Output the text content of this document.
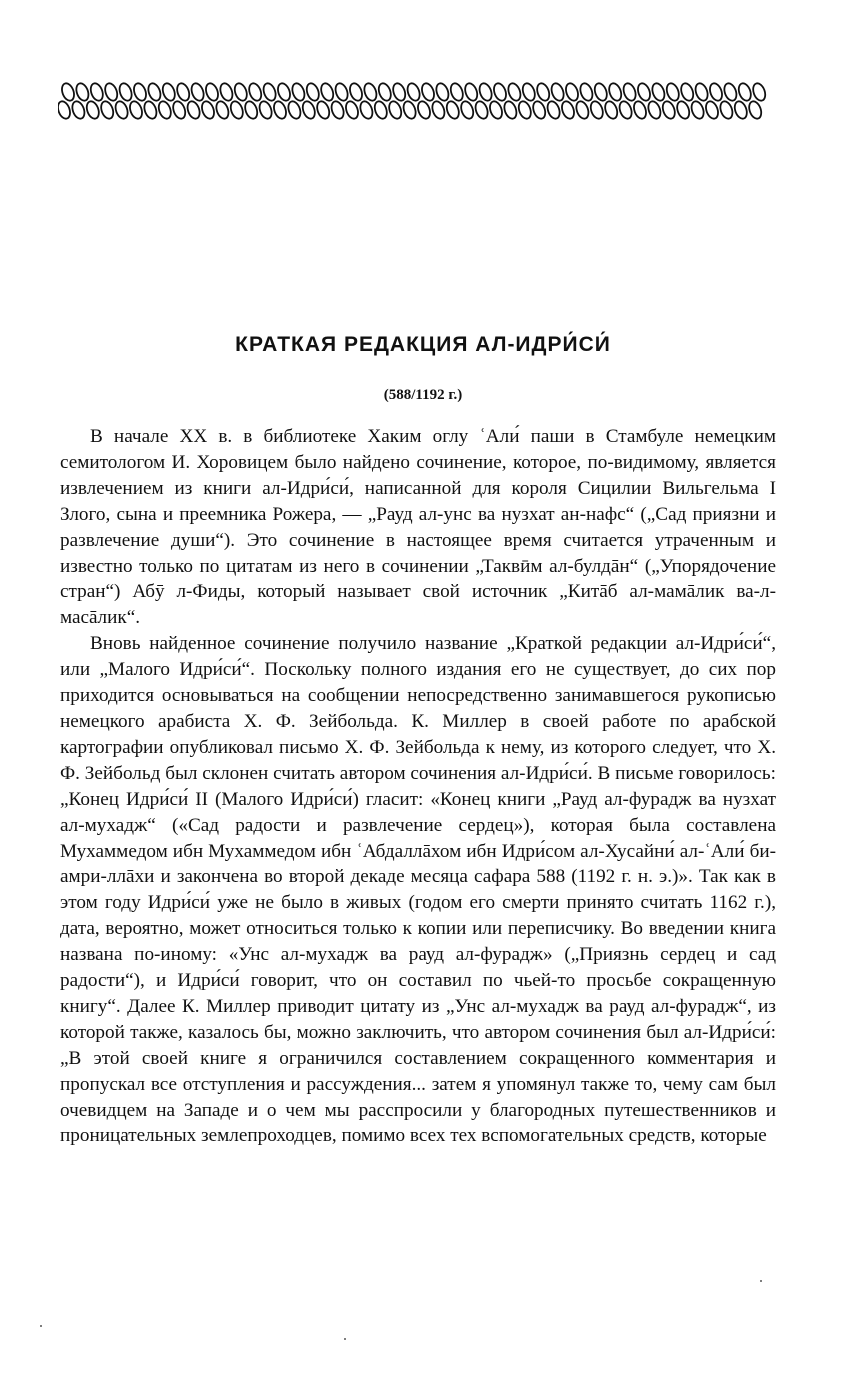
КРАТКАЯ РЕДАКЦИЯ АЛ-ИДРИ́СИ́
(588/1192 г.)

В начале XX в. в библиотеке Хаким оглу ʿАли́ паши в Стамбуле немецким семитологом И. Хоровицем было найдено сочинение, которое, по-видимому, является извлечением из книги ал-Идри́си́, написанной для короля Сицилии Вильгельма I Злого, сына и преемника Рожера, — „Рауд ал-унс ва нузхат ан-нафс“ („Сад приязни и развлечение души“). Это сочинение в настоящее время считается утраченным и известно только по цитатам из него в сочинении „Таквӣм ал-булдāн“ („Упорядочение стран“) Абӯ л-Фиды, который называет свой источник „Китāб ал-мамāлик ва-л-масāлик“.

Вновь найденное сочинение получило название „Краткой редакции ал-Идри́си́“, или „Малого Идри́си́“. Поскольку полного издания его не существует, до сих пор приходится основываться на сообщении непосредственно занимавшегося рукописью немецкого арабиста Х. Ф. Зейбольда. К. Миллер в своей работе по арабской картографии опубликовал письмо Х. Ф. Зейбольда к нему, из которого следует, что Х. Ф. Зейбольд был склонен считать автором сочинения ал-Идри́си́. В письме говорилось: „Конец Идри́си́ II (Малого Идри́си́) гласит: «Конец книги „Рауд ал-фурадж ва нузхат ал-мухадж“ («Сад радости и развлечение сердец»), которая была составлена Мухаммедом ибн Мухаммедом ибн ʿАбдаллāхом ибн Идри́сом ал-Хусайни́ ал-ʿАли́ би-амри-ллāхи и закончена во второй декаде месяца сафара 588 (1192 г. н. э.)». Так как в этом году Идри́си́ уже не было в живых (годом его смерти принято считать 1162 г.), дата, вероятно, может относиться только к копии или переписчику. Во введении книга названа по-иному: «Унс ал-мухадж ва рауд ал-фурадж» („Приязнь сердец и сад радости“), и Идри́си́ говорит, что он составил по чьей-то просьбе сокращенную книгу“. Далее К. Миллер приводит цитату из „Унс ал-мухадж ва рауд ал-фурадж“, из которой также, казалось бы, можно заключить, что автором сочинения был ал-Идри́си́: „В этой своей книге я ограничился составлением сокращенного комментария и пропускал все отступления и рассуждения... затем я упомянул также то, чему сам был очевидцем на Западе и о чем мы расспросили у благородных путешественников и проницательных землепроходцев, помимо всех тех вспомогательных средств, которые
